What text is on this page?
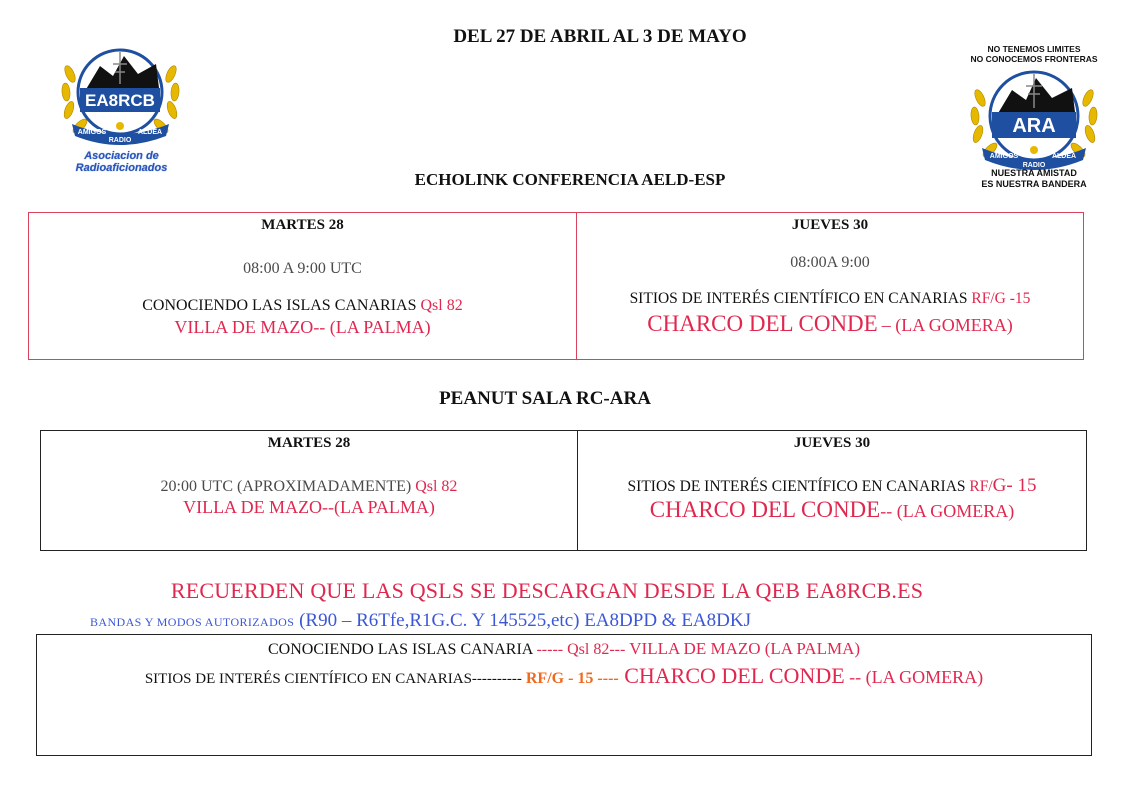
DEL 27 DE ABRIL AL 3 DE MAYO
EA8RCB
AMIGOS	ALDEA
RADIO
Asociacion de Radioaficionados
NO TENEMOS LIMITES
NO CONOCEMOS FRONTERAS
ARA
AMIGOS	ALDEA
RADIO
NUESTRA AMISTAD
ES NUESTRA BANDERA
ECHOLINK CONFERENCIA AELD-ESP
MARTES 28
08:00 A 9:00 UTC
CONOCIENDO LAS ISLAS CANARIAS Qsl 82
VILLA DE MAZO-- (LA PALMA)
JUEVES 30
08:00A 9:00
SITIOS DE INTERÉS CIENTÍFICO EN CANARIAS RF/G -15
CHARCO DEL CONDE – (LA GOMERA)
PEANUT SALA RC-ARA
MARTES 28
20:00 UTC (APROXIMADAMENTE) Qsl 82
VILLA DE MAZO--(LA PALMA)
JUEVES 30
SITIOS DE INTERÉS CIENTÍFICO EN CANARIAS RF/G- 15
CHARCO DEL CONDE-- (LA GOMERA)
RECUERDEN QUE LAS QSLS SE DESCARGAN DESDE LA QEB EA8RCB.ES
BANDAS Y MODOS AUTORIZADOS (R90 – R6Tfe,R1G.C. Y 145525,etc) EA8DPD & EA8DKJ
CONOCIENDO LAS ISLAS CANARIA ----- Qsl 82--- VILLA DE MAZO (LA PALMA)
SITIOS DE INTERÉS CIENTÍFICO EN CANARIAS---------- RF/G - 15 ---- CHARCO DEL CONDE -- (LA GOMERA)
